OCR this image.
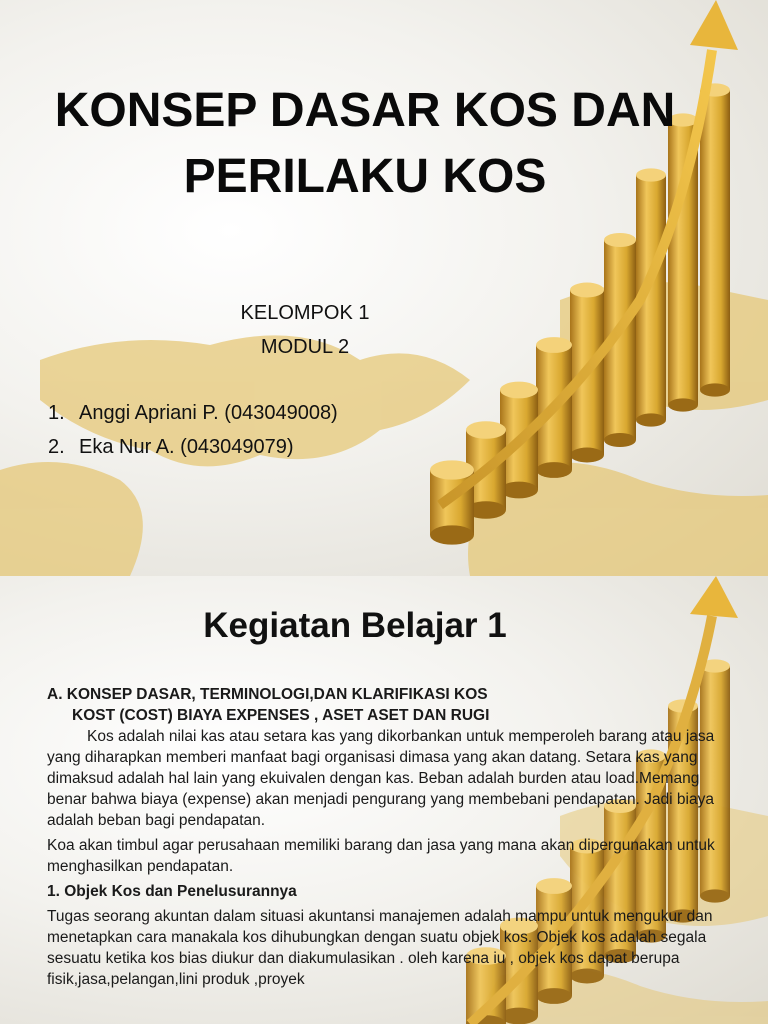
KONSEP DASAR KOS DAN
PERILAKU KOS
KELOMPOK 1
MODUL 2
1. Anggi Apriani P. (043049008)
2. Eka Nur A. (043049079)
Kegiatan Belajar 1

A. KONSEP DASAR, TERMINOLOGI,DAN KLARIFIKASI KOS

KOST (COST) BIAYA EXPENSES , ASET ASET DAN RUGI

Kos adalah nilai kas atau setara kas yang dikorbankan untuk memperoleh barang atau jasa yang diharapkan memberi manfaat bagi organisasi dimasa yang akan datang. Setara kas yang dimaksud adalah hal lain yang ekuivalen dengan kas. Beban adalah burden atau load.Memang benar bahwa biaya (expense) akan menjadi pengurang yang membebani pendapatan. Jadi biaya adalah beban bagi pendapatan.

Koa akan timbul agar perusahaan memiliki barang dan jasa yang mana akan dipergunakan untuk menghasilkan pendapatan.

1. Objek Kos dan Penelusurannya

Tugas seorang akuntan dalam situasi akuntansi manajemen adalah mampu untuk mengukur dan menetapkan cara manakala kos dihubungkan dengan suatu objek kos. Objek kos adalah segala sesuatu ketika kos bias diukur dan diakumulasikan . oleh karena iu , objek kos dapat berupa fisik,jasa,pelangan,lini produk ,proyek
